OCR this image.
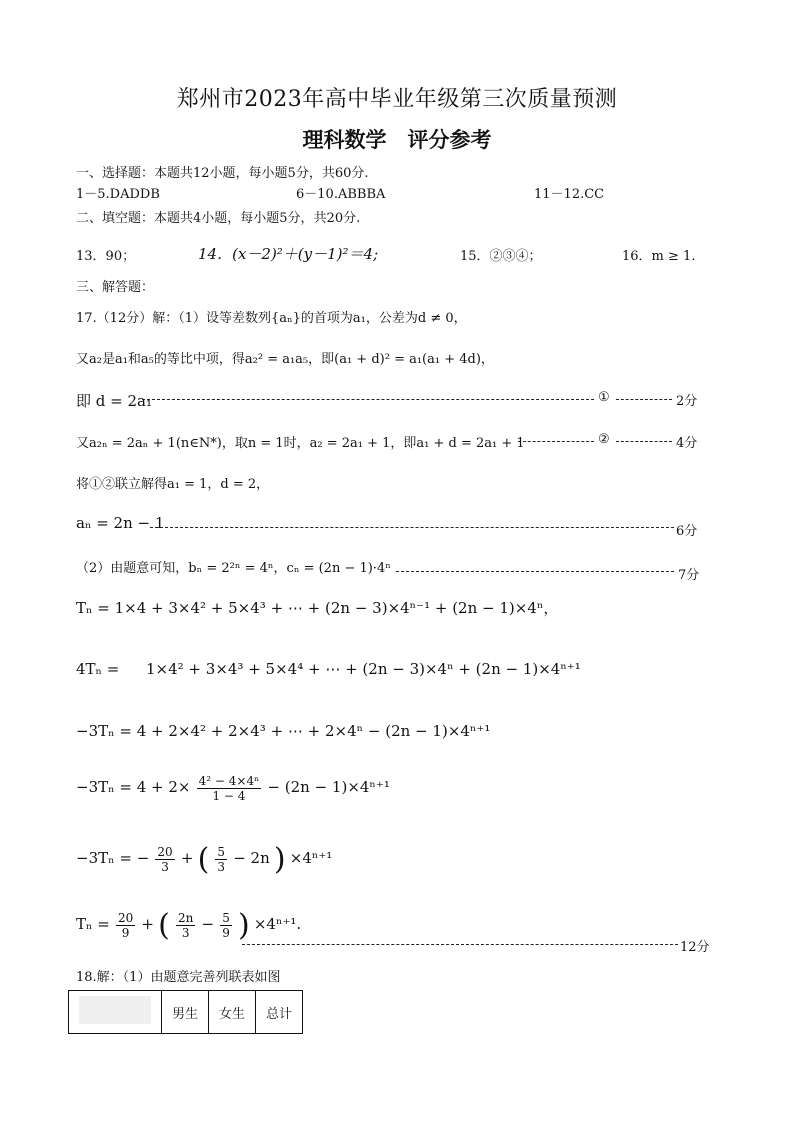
郑州市2023年高中毕业年级第三次质量预测
理科数学　评分参考
一、选择题：本题共12小题，每小题5分，共60分.
1－5.DADDB	6－10.ABBBA	11－12.CC
二、填空题：本题共4小题，每小题5分，共20分.
13．90；	14．(x－2)²＋(y－1)²＝4;	15．②③④；	16．m ≥ 1.
三、解答题：
17.（12分）解：（1）设等差数列{aₙ}的首项为a₁，公差为d ≠ 0，
又a₂是a₁和a₅的等比中项，得a₂² = a₁a₅，即(a₁ + d)² = a₁(a₁ + 4d)，
即 d = 2a₁	①	2分
又a₂ₙ = 2aₙ + 1(n∈N*)，取n = 1时，a₂ = 2a₁ + 1，即a₁ + d = 2a₁ + 1	②	4分
将①②联立解得a₁ = 1，d = 2，
aₙ = 2n − 1	6分
（2）由题意可知，bₙ = 2²ⁿ = 4ⁿ，cₙ = (2n − 1)·4ⁿ	7分
Tₙ = 1×4 + 3×4² + 5×4³ + ⋯ + (2n − 3)×4ⁿ⁻¹ + (2n − 1)×4ⁿ，
4Tₙ = 1×4² + 3×4³ + 5×4⁴ + ⋯ + (2n − 3)×4ⁿ + (2n − 1)×4ⁿ⁺¹
−3Tₙ = 4 + 2×4² + 2×4³ + ⋯ + 2×4ⁿ − (2n − 1)×4ⁿ⁺¹
$-3T_n = 4 + 2\times \frac{\text{4² − 4×4ⁿ}}{1 - 4} - (2n - 1)\times 4^{n+1}$
−3Tₙ = − $\frac{20}{3}$ + ( $\frac{5}{3} - 2n$ ) ×4ⁿ⁺¹
$T_n = \frac{20}{9}$ + ( $\frac{2n}{3} - \frac{5}{9}$ ) ×4ⁿ⁺¹.
12分
18.解：（1）由题意完善列联表如图
	男生	女生	总计
